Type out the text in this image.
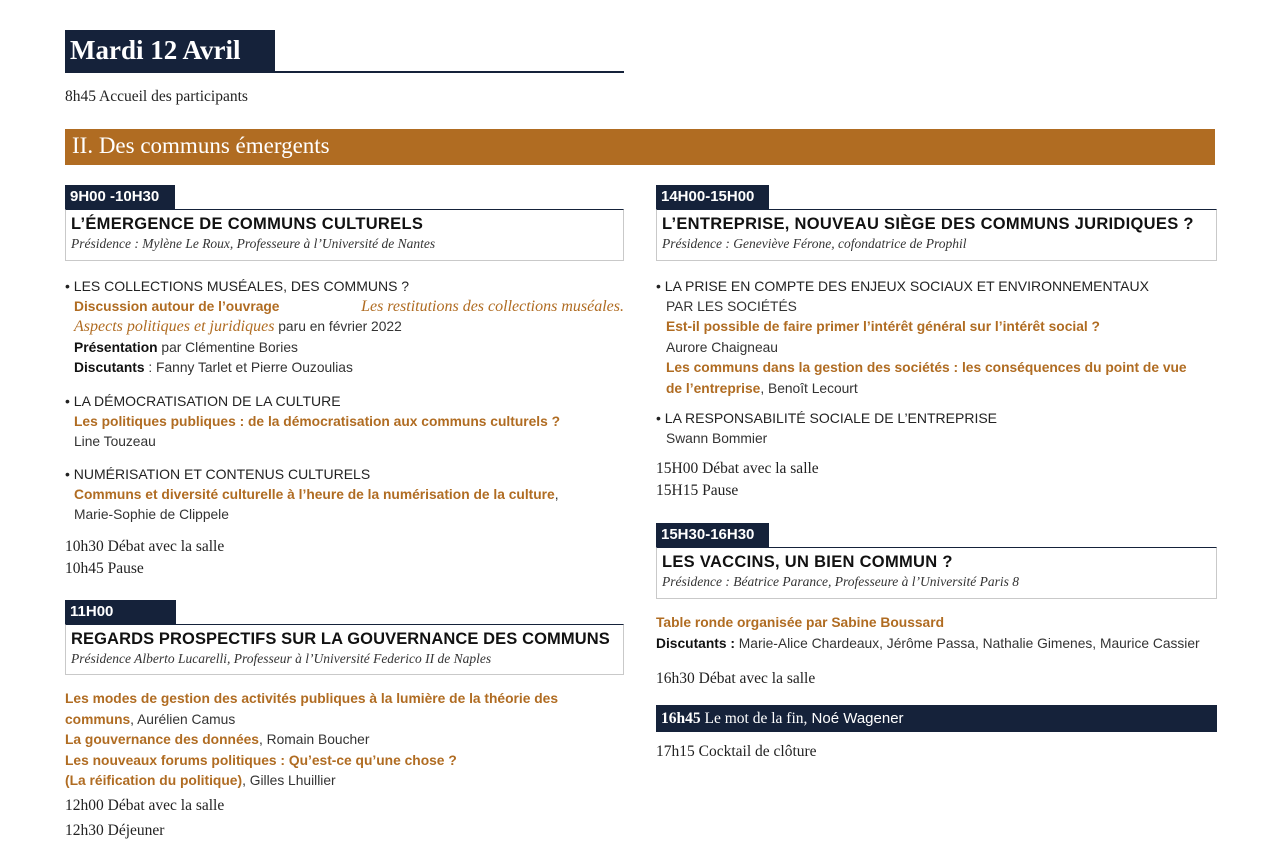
Mardi 12 Avril
8h45 Accueil des participants
II. Des communs émergents
9H00 -10H30
L’ÉMERGENCE DE COMMUNS CULTURELS
Présidence : Mylène Le Roux, Professeure à l’Université de Nantes
• LES COLLECTIONS MUSÉALES, DES COMMUNS ?
Discussion autour de l’ouvrage	Les restitutions des collections muséales.
Aspects politiques et juridiques paru en février 2022
Présentation par Clémentine Bories
Discutants : Fanny Tarlet et Pierre Ouzoulias
• LA DÉMOCRATISATION DE LA CULTURE
Les politiques publiques : de la démocratisation aux communs culturels ?
Line Touzeau
• NUMÉRISATION ET CONTENUS CULTURELS
Communs et diversité culturelle à l’heure de la numérisation de la culture,
Marie-Sophie de Clippele
10h30 Débat avec la salle
10h45 Pause
11H00
REGARDS PROSPECTIFS SUR LA GOUVERNANCE DES COMMUNS
Présidence Alberto Lucarelli, Professeur à l’Université Federico II de Naples
Les modes de gestion des activités publiques à la lumière de la théorie des
communs, Aurélien Camus
La gouvernance des données, Romain Boucher
Les nouveaux forums politiques : Qu’est-ce qu’une chose ?
(La réification du politique), Gilles Lhuillier
12h00 Débat avec la salle
12h30 Déjeuner
14H00-15H00
L’ENTREPRISE, NOUVEAU SIÈGE DES COMMUNS JURIDIQUES ?
Présidence : Geneviève Férone, cofondatrice de Prophil
• LA PRISE EN COMPTE DES ENJEUX SOCIAUX ET ENVIRONNEMENTAUX
PAR LES SOCIÉTÉS
Est-il possible de faire primer l’intérêt général sur l’intérêt social ?
Aurore Chaigneau
Les communs dans la gestion des sociétés : les conséquences du point de vue
de l’entreprise, Benoît Lecourt
• LA RESPONSABILITÉ SOCIALE DE L’ENTREPRISE
Swann Bommier
15H00 Débat avec la salle
15H15 Pause
15H30-16H30
LES VACCINS, UN BIEN COMMUN ?
Présidence : Béatrice Parance, Professeure à l’Université Paris 8
Table ronde organisée par Sabine Boussard
Discutants : Marie-Alice Chardeaux, Jérôme Passa, Nathalie Gimenes, Maurice Cassier
16h30 Débat avec la salle
16h45 Le mot de la fin, Noé Wagener
17h15 Cocktail de clôture
